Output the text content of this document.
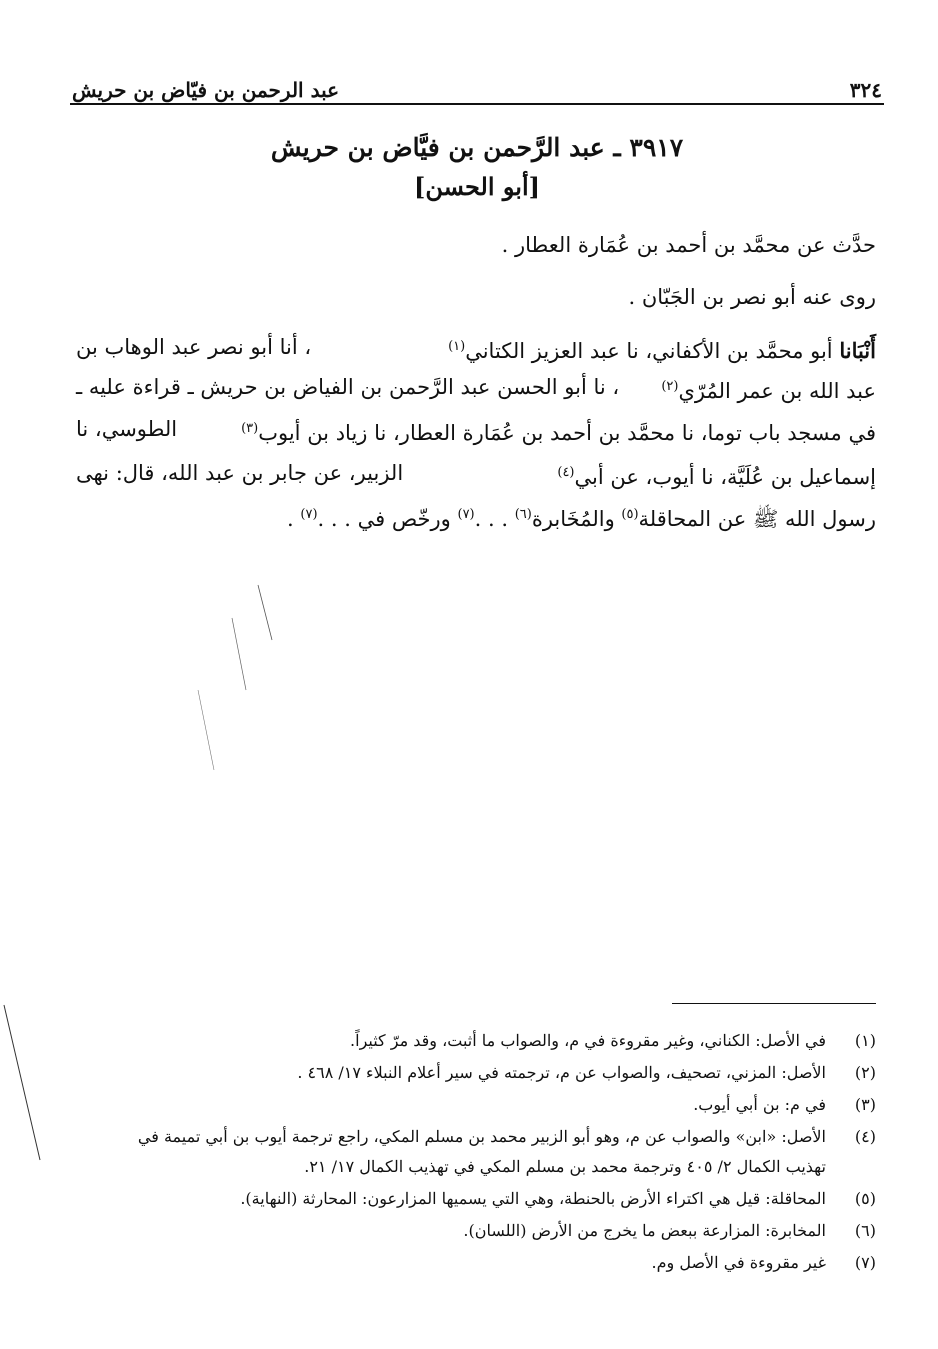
٣٢٤
عبد الرحمن بن فيّاض بن حريش
٣٩١٧ ـ عبد الرَّحمن بن فيَّاض بن حريش
[أبو الحسن]
حدَّث عن محمَّد بن أحمد بن عُمَارة العطار .
روى عنه أبو نصر بن الجَبّان .
أَنْبَانا أبو محمَّد بن الأكفاني، نا عبد العزيز الكتاني$^{(١)}$
، أنا أبو نصر عبد الوهاب بن
عبد الله بن عمر المُرّي$^{(٢)}$
، نا أبو الحسن عبد الرَّحمن بن الفياض بن حريش ـ قراءة عليه ـ
في مسجد باب توما، نا محمَّد بن أحمد بن عُمَارة العطار، نا زياد بن أيوب$^{(٣)}$
الطوسي، نا
إسماعيل بن عُلَيَّة، نا أيوب، عن أبي$^{(٤)}$
الزبير، عن جابر بن عبد الله، قال: نهى
رسول الله ﷺ عن المحاقلة$^{(٥)}$ والمُخَابرة$^{(٦)}$ . . .$^{(٧)}$ ورخّص في . . .$^{(٧)}$ .
(١)
في الأصل: الكناني، وغير مقروءة في م، والصواب ما أثبت، وقد مرّ كثيراً.
(٢)
الأصل: المزني، تصحيف، والصواب عن م، ترجمته في سير أعلام النبلاء ١٧/ ٤٦٨ .
(٣)
في م: بن أبي أيوب.
(٤)
الأصل: «ابن» والصواب عن م، وهو أبو الزبير محمد بن مسلم المكي، راجع ترجمة أيوب بن أبي تميمة في
تهذيب الكمال ٢/ ٤٠٥ وترجمة محمد بن مسلم المكي في تهذيب الكمال ١٧/ ٢١.
(٥)
المحاقلة: قيل هي اكتراء الأرض بالحنطة، وهي التي يسميها المزارعون: المحارثة (النهاية).
(٦)
المخابرة: المزارعة ببعض ما يخرج من الأرض (اللسان).
(٧)
غير مقروءة في الأصل وم.
